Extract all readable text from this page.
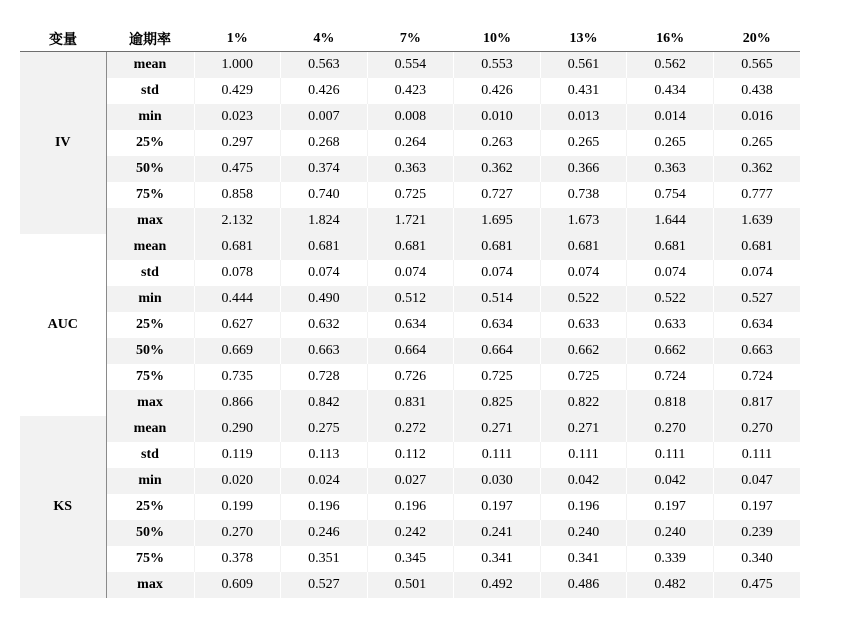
变量	逾期率	1%	4%	7%	10%	13%	16%	20%
IV	mean	1.000	0.563	0.554	0.553	0.561	0.562	0.565
	std	0.429	0.426	0.423	0.426	0.431	0.434	0.438
	min	0.023	0.007	0.008	0.010	0.013	0.014	0.016
	25%	0.297	0.268	0.264	0.263	0.265	0.265	0.265
	50%	0.475	0.374	0.363	0.362	0.366	0.363	0.362
	75%	0.858	0.740	0.725	0.727	0.738	0.754	0.777
	max	2.132	1.824	1.721	1.695	1.673	1.644	1.639
AUC	mean	0.681	0.681	0.681	0.681	0.681	0.681	0.681
	std	0.078	0.074	0.074	0.074	0.074	0.074	0.074
	min	0.444	0.490	0.512	0.514	0.522	0.522	0.527
	25%	0.627	0.632	0.634	0.634	0.633	0.633	0.634
	50%	0.669	0.663	0.664	0.664	0.662	0.662	0.663
	75%	0.735	0.728	0.726	0.725	0.725	0.724	0.724
	max	0.866	0.842	0.831	0.825	0.822	0.818	0.817
KS	mean	0.290	0.275	0.272	0.271	0.271	0.270	0.270
	std	0.119	0.113	0.112	0.111	0.111	0.111	0.111
	min	0.020	0.024	0.027	0.030	0.042	0.042	0.047
	25%	0.199	0.196	0.196	0.197	0.196	0.197	0.197
	50%	0.270	0.246	0.242	0.241	0.240	0.240	0.239
	75%	0.378	0.351	0.345	0.341	0.341	0.339	0.340
	max	0.609	0.527	0.501	0.492	0.486	0.482	0.475
